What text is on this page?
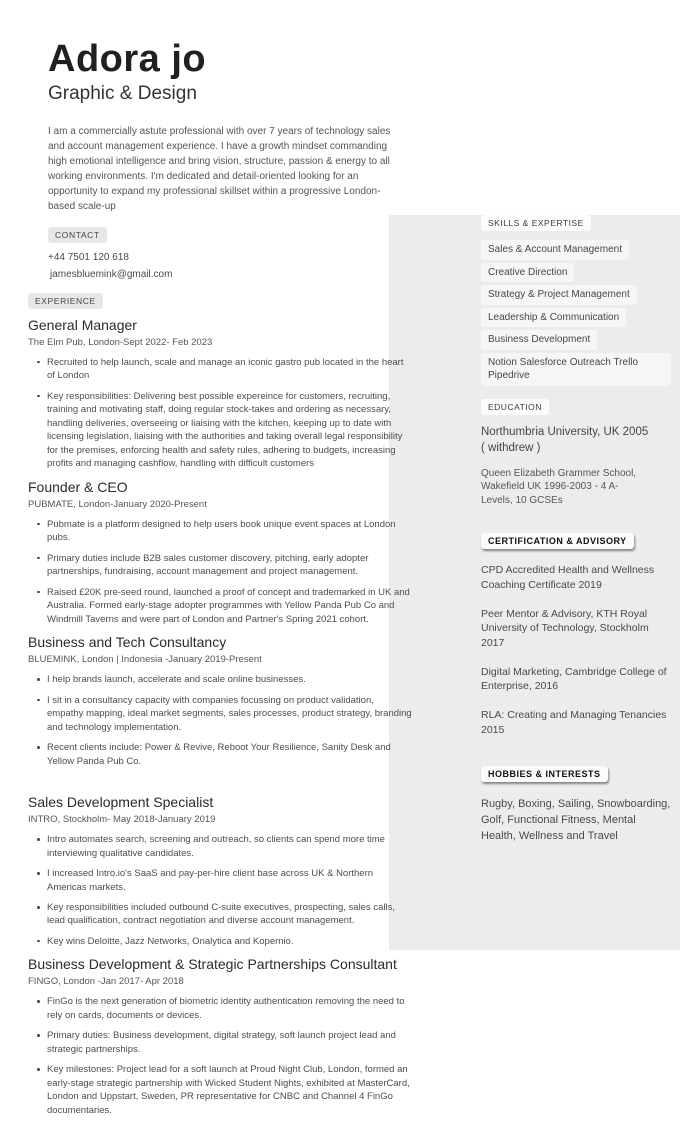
Adora jo
Graphic & Design
I am a commercially astute professional with over 7 years of technology sales and account management experience. I have a growth mindset commanding high emotional intelligence and bring vision, structure, passion & energy to all working environments. I'm dedicated and detail-oriented looking for an opportunity to expand my professional skillset within a progressive London-based scale-up
CONTACT
+44 7501 120 618
jamesbluemink@gmail.com
EXPERIENCE
General Manager
The Elm Pub, London-Sept 2022- Feb 2023
Recruited to help launch, scale and manage an iconic gastro pub located in the heart of London
Key responsibilities: Delivering best possible expereince for customers, recruiting, training and motivating staff, doing regular stock-takes and ordering as necessary, handling deliveries, overseeing or liaising with the kitchen, keeping up to date with licensing legislation, liaising with the authorities and taking overall legal responsibility for the premises, enforcing health and safety rules, adhering to budgets, increasing profits and managing cashflow, handling with difficult customers
Founder & CEO
PUBMATE, London-January 2020-Present
Pubmate is a platform designed to help users book unique event spaces at London pubs.
Primary duties include B2B sales customer discovery, pitching, early adopter partnerships, fundraising, account management and project management.
Raised £20K pre-seed round, launched a proof of concept and trademarked in UK and Australia. Formed early-stage adopter programmes with Yellow Panda Pub Co and Windmill Taverns and were part of London and Partner's Spring 2021 cohort.
Business and Tech Consultancy
BLUEMINK, London | Indonesia -January 2019-Present
I help brands launch, accelerate and scale online businesses.
I sit in a consultancy capacity with companies focussing on product validation, empathy mapping, ideal market segments, sales processes, product strategy, branding and technology implementation.
Recent clients include: Power & Revive, Reboot Your Resilience, Sanity Desk and Yellow Panda Pub Co.
Sales Development Specialist
INTRO, Stockholm- May 2018-January 2019
Intro automates search, screening and outreach, so clients can spend more time interviewing qualitative candidates.
I increased Intro.io's SaaS and pay-per-hire client base across UK & Northern Americas markets.
Key responsibilities included outbound C-suite executives, prospecting, sales calls, lead qualification, contract negotiation and diverse account management.
Key wins Deloitte, Jazz Networks, Onalytica and Kopernio.
Business Development & Strategic Partnerships Consultant
FINGO, London -Jan 2017- Apr 2018
FinGo is the next generation of biometric identity authentication removing the need to rely on cards, documents or devices.
Primary duties: Business development, digital strategy, soft launch project lead and strategic partnerships.
Key milestones: Project lead for a soft launch at Proud Night Club, London, formed an early-stage strategic partnership with Wicked Student Nights, exhibited at MasterCard, London and Uppstart, Sweden, PR representative for CNBC and Channel 4 FinGo documentaries.
SKILLS & EXPERTISE
Sales & Account Management
Creative Direction
Strategy & Project Management
Leadership & Communication
Business Development
Notion Salesforce Outreach Trello Pipedrive
EDUCATION
Northumbria University, UK 2005 ( withdrew )
Queen Elizabeth Grammer School, Wakefield UK 1996-2003 - 4 A-Levels, 10 GCSEs
CERTIFICATION & ADVISORY
CPD Accredited Health and Wellness Coaching Certificate 2019
Peer Mentor & Advisory, KTH Royal University of Technology, Stockholm 2017
Digital Marketing, Cambridge College of Enterprise, 2016
RLA: Creating and Managing Tenancies 2015
HOBBIES & INTERESTS
Rugby, Boxing, Sailing, Snowboarding, Golf, Functional Fitness, Mental Health, Wellness and Travel
